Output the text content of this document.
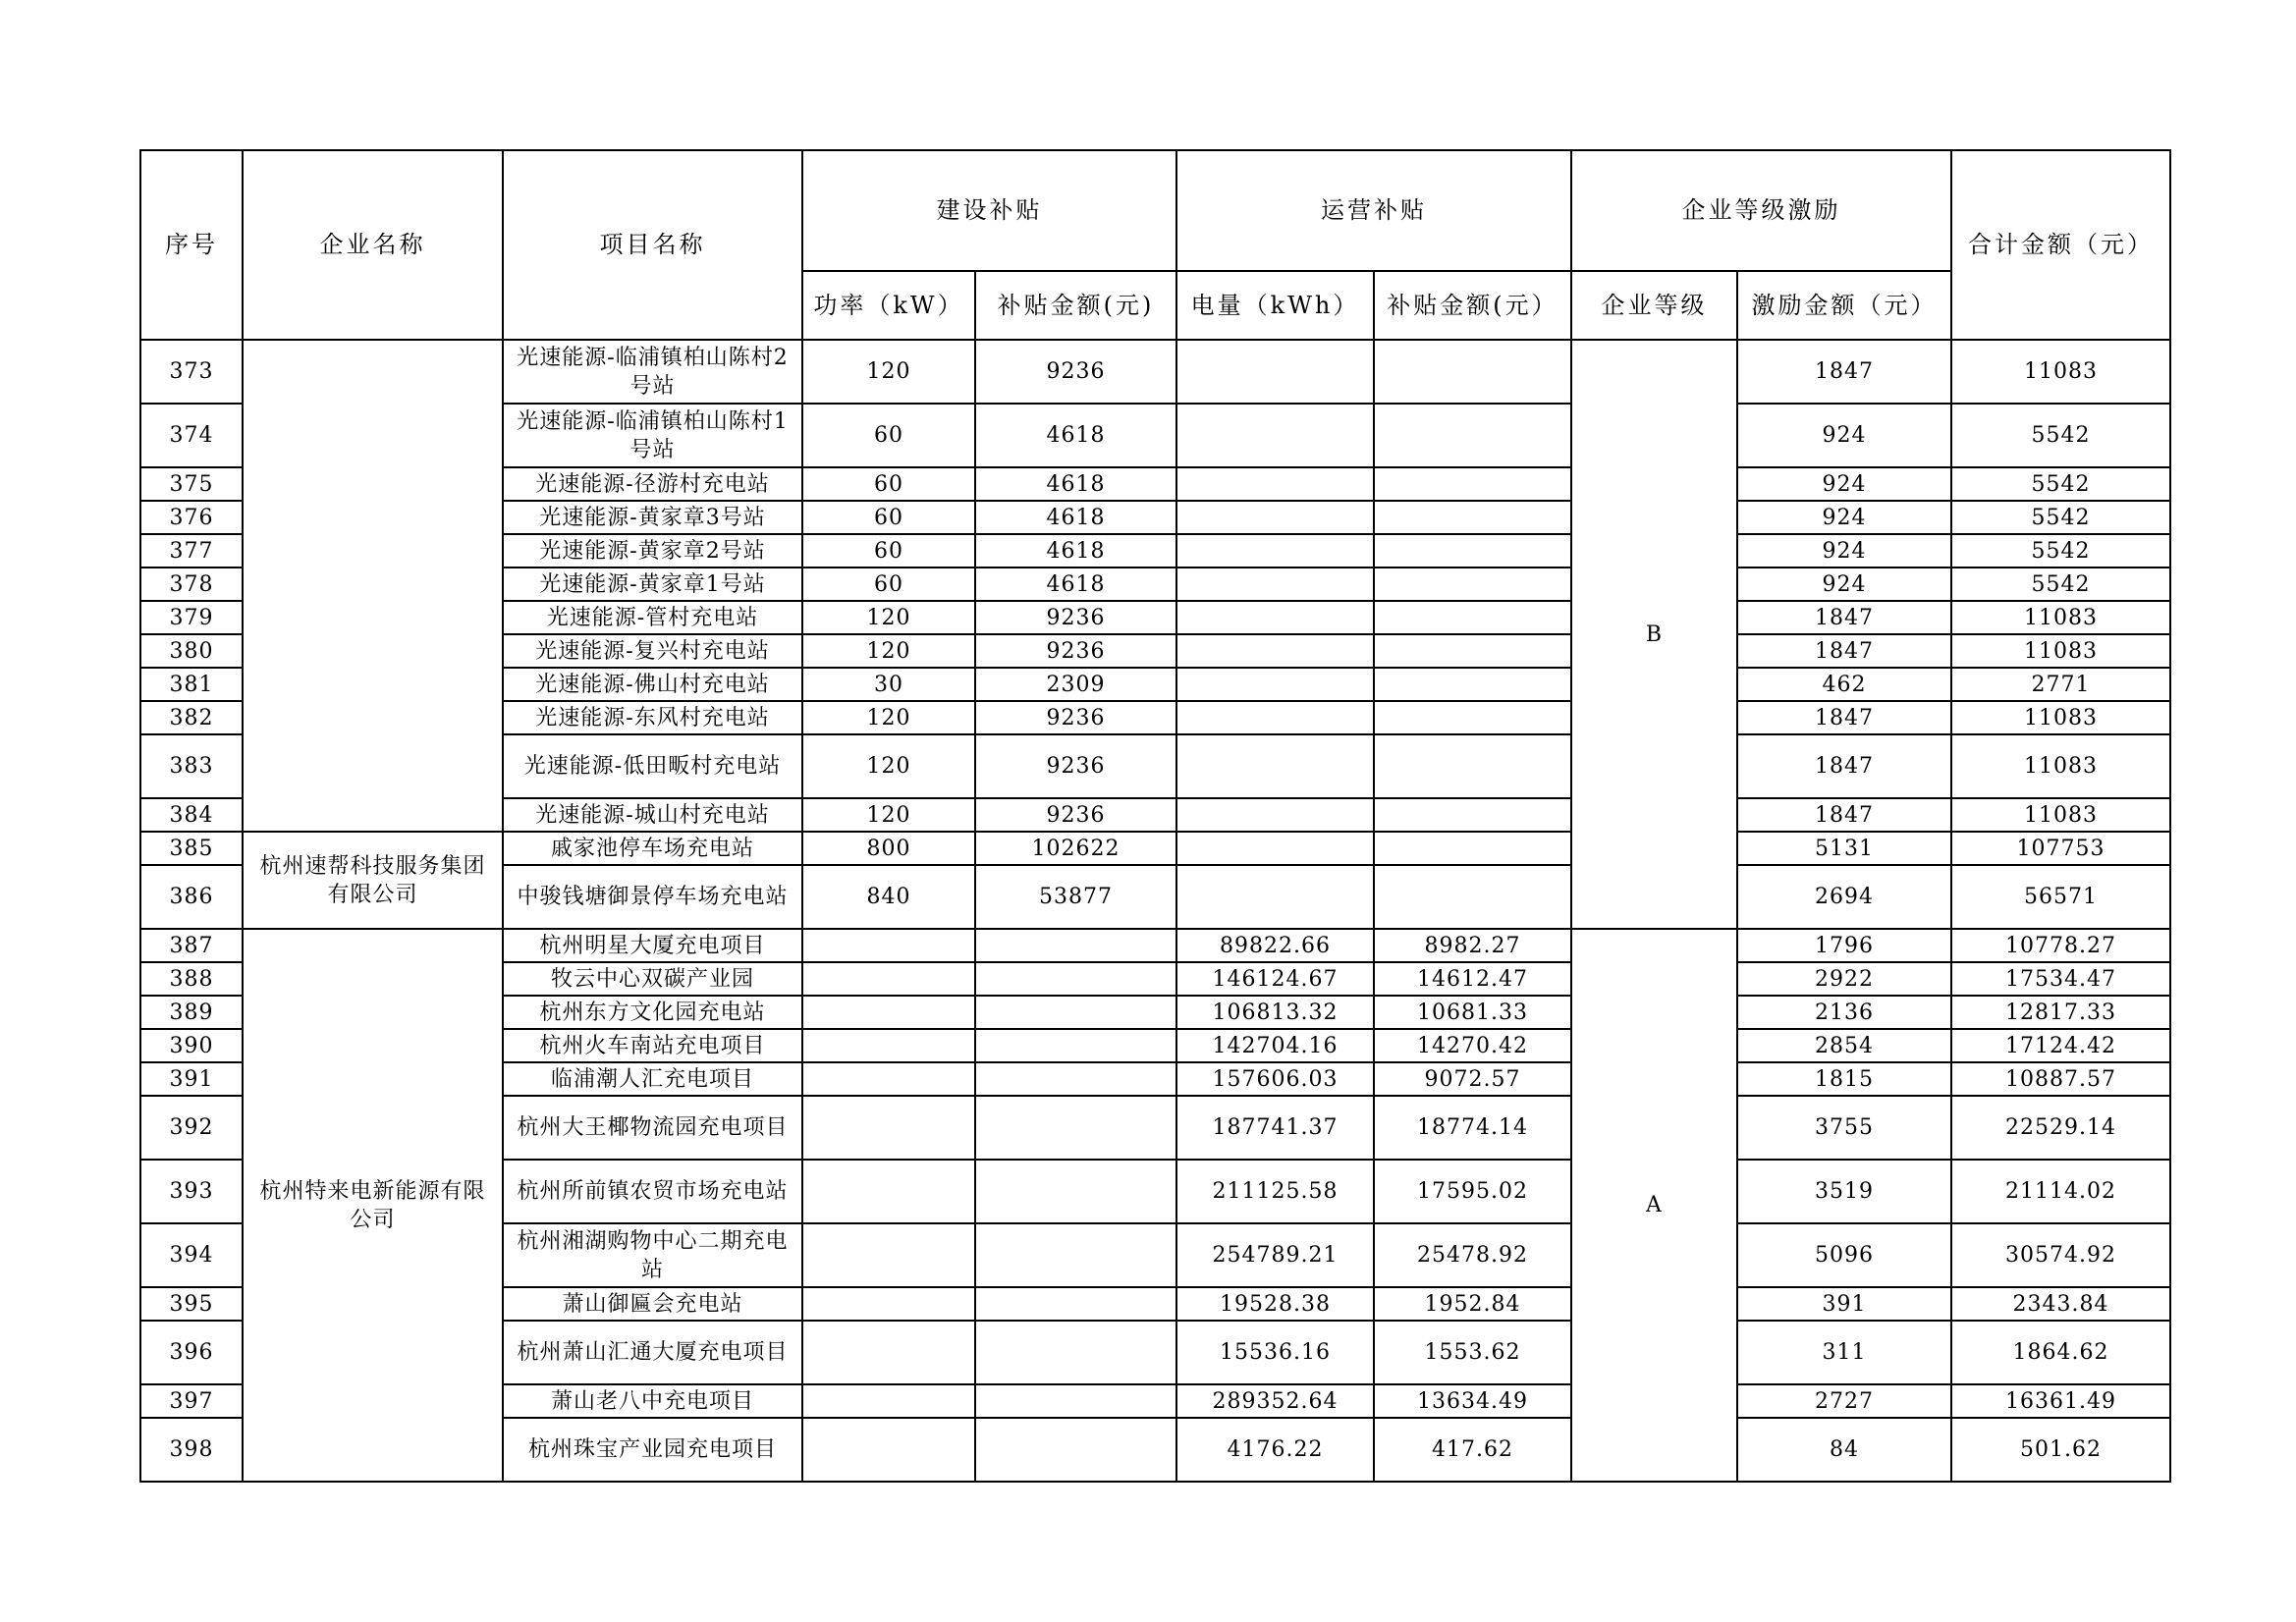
序号	企业名称	项目名称	建设补贴		运营补贴		企业等级激励		合计金额（元）
			功率（kW）	补贴金额(元)	电量（kWh）	补贴金额(元）	企业等级	激励金额（元）	
373		光速能源-临浦镇柏山陈村2号站	120	9236			B	1847	11083
374		光速能源-临浦镇柏山陈村1号站	60	4618				924	5542
375		光速能源-径游村充电站	60	4618				924	5542
376		光速能源-黄家章3号站	60	4618				924	5542
377		光速能源-黄家章2号站	60	4618				924	5542
378		光速能源-黄家章1号站	60	4618				924	5542
379		光速能源-管村充电站	120	9236				1847	11083
380		光速能源-复兴村充电站	120	9236				1847	11083
381		光速能源-佛山村充电站	30	2309				462	2771
382		光速能源-东风村充电站	120	9236				1847	11083
383		光速能源-低田畈村充电站	120	9236				1847	11083
384		光速能源-城山村充电站	120	9236				1847	11083
385	杭州速帮科技服务集团有限公司	戚家池停车场充电站	800	102622				5131	107753
386		中骏钱塘御景停车场充电站	840	53877				2694	56571
387	杭州特来电新能源有限公司	杭州明星大厦充电项目			89822.66	8982.27	A	1796	10778.27
388		牧云中心双碳产业园			146124.67	14612.47		2922	17534.47
389		杭州东方文化园充电站			106813.32	10681.33		2136	12817.33
390		杭州火车南站充电项目			142704.16	14270.42		2854	17124.42
391		临浦潮人汇充电项目			157606.03	9072.57		1815	10887.57
392		杭州大王椰物流园充电项目			187741.37	18774.14		3755	22529.14
393		杭州所前镇农贸市场充电站			211125.58	17595.02		3519	21114.02
394		杭州湘湖购物中心二期充电站			254789.21	25478.92		5096	30574.92
395		萧山御匾会充电站			19528.38	1952.84		391	2343.84
396		杭州萧山汇通大厦充电项目			15536.16	1553.62		311	1864.62
397		萧山老八中充电项目			289352.64	13634.49		2727	16361.49
398		杭州珠宝产业园充电项目			4176.22	417.62		84	501.62
